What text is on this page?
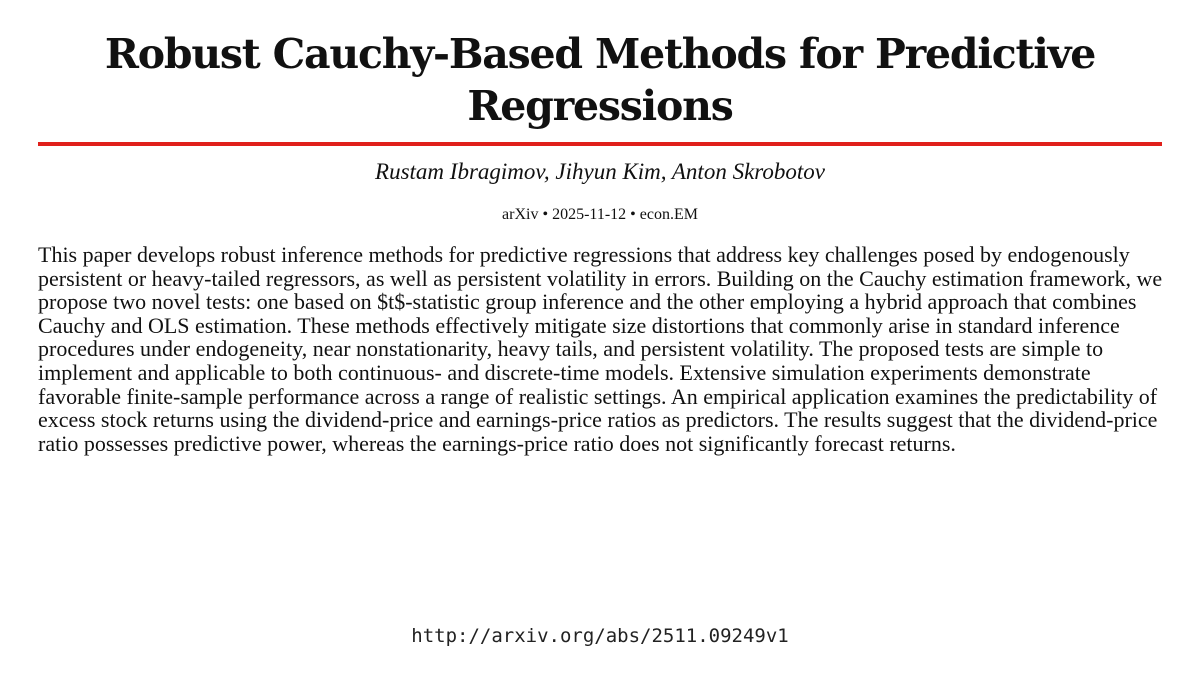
Robust Cauchy-Based Methods for Predictive Regressions
Rustam Ibragimov, Jihyun Kim, Anton Skrobotov
arXiv • 2025-11-12 • econ.EM

This paper develops robust inference methods for predictive regressions that address key challenges posed by endogenously persistent or heavy-tailed regressors, as well as persistent volatility in errors. Building on the Cauchy estimation framework, we propose two novel tests: one based on $t$-statistic group inference and the other employing a hybrid approach that combines Cauchy and OLS estimation. These methods effectively mitigate size distortions that commonly arise in standard inference procedures under endogeneity, near nonstationarity, heavy tails, and persistent volatility. The proposed tests are simple to implement and applicable to both continuous- and discrete-time models. Extensive simulation experiments demonstrate favorable finite-sample performance across a range of realistic settings. An empirical application examines the predictability of excess stock returns using the dividend-price and earnings-price ratios as predictors. The results suggest that the dividend-price ratio possesses predictive power, whereas the earnings-price ratio does not significantly forecast returns.

http://arxiv.org/abs/2511.09249v1
